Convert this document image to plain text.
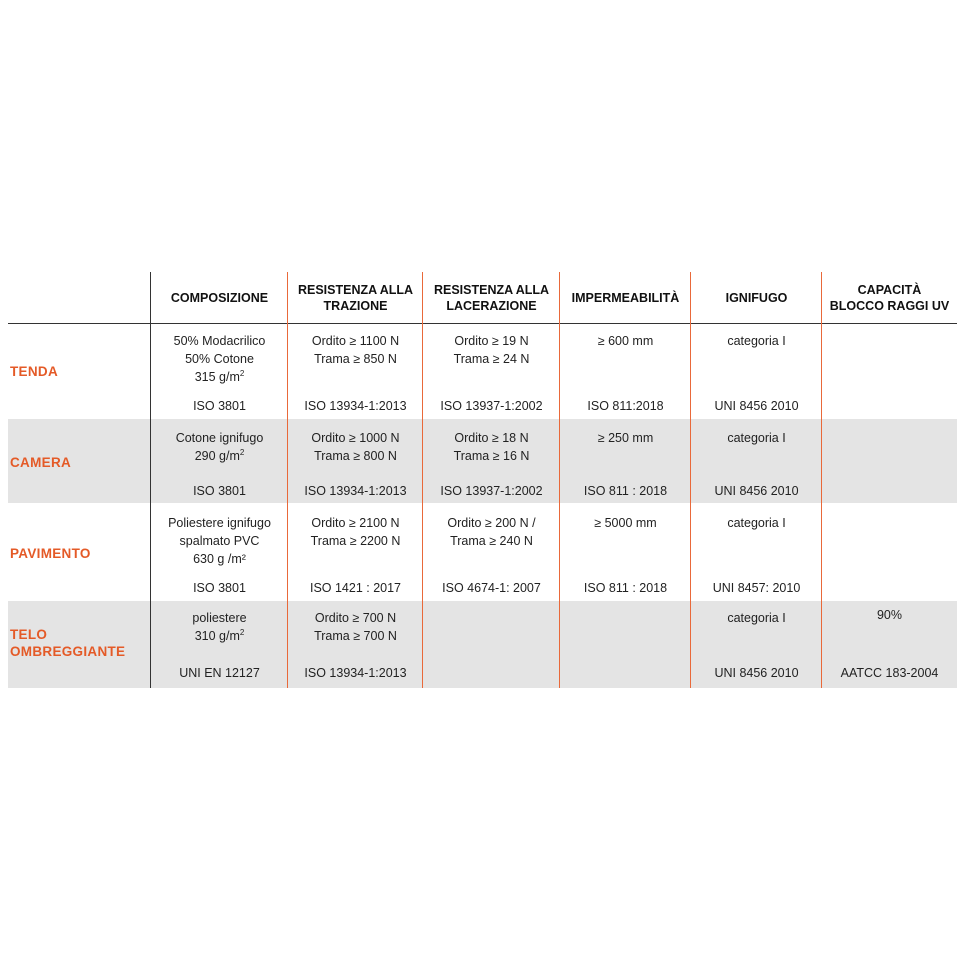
COMPOSIZIONE
RESISTENZA ALLA
TRAZIONE
RESISTENZA ALLA
LACERAZIONE
IMPERMEABILITÀ	IGNIFUGO
CAPACITÀ
BLOCCO RAGGI UV
TENDA
50% Modacrilico
50% Cotone
315 $g/m^2$
ISO 3801
Ordito ≥ 1100 N
Trama ≥ 850 N
ISO 13934-1:2013
Ordito ≥ 19 N
Trama ≥ 24 N
ISO 13937-1:2002
≥ 600 mm
ISO 811:2018
categoria I
UNI 8456 2010
CAMERA
Cotone ignifugo
290 $g/m^2$
ISO 3801
Ordito ≥ 1000 N
Trama ≥ 800 N
ISO 13934-1:2013
Ordito ≥ 18 N
Trama ≥ 16 N
ISO 13937-1:2002
≥ 250 mm
ISO 811 : 2018
categoria I
UNI 8456 2010
PAVIMENTO
Poliestere ignifugo
spalmato PVC
630 g /m²
ISO 3801
Ordito ≥ 2100 N
Trama ≥ 2200 N
ISO 1421 : 2017
Ordito ≥ 200 N /
Trama ≥ 240 N
ISO 4674-1: 2007
≥ 5000 mm
ISO 811 : 2018
categoria I
UNI 8457: 2010
TELO
OMBREGGIANTE
poliestere
310 $g/m^2$
UNI EN 12127
Ordito ≥ 700 N
Trama ≥ 700 N
ISO 13934-1:2013
categoria I
UNI 8456 2010
90%
AATCC 183-2004
